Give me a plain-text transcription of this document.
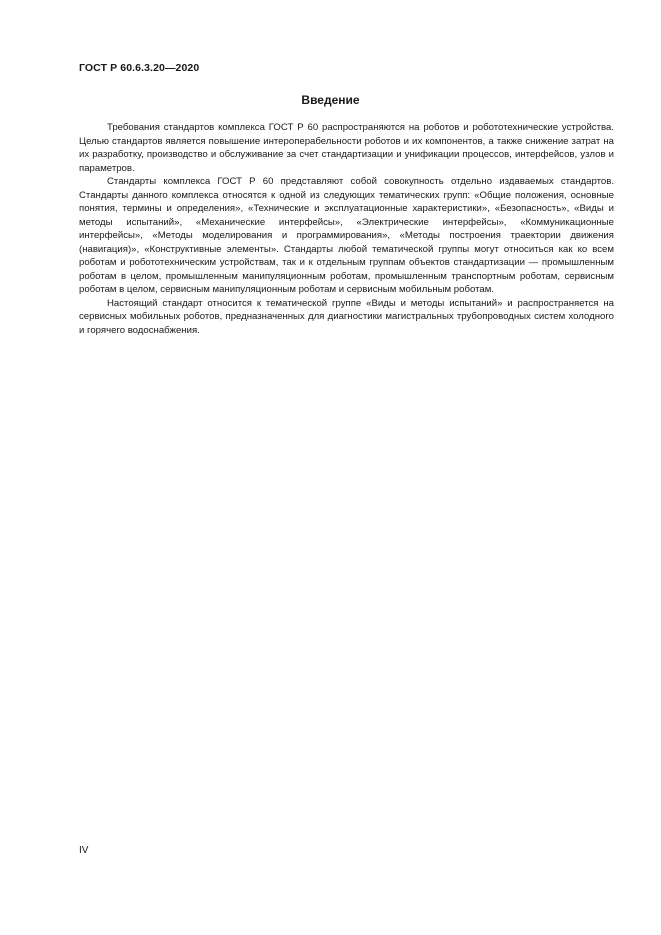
ГОСТ Р 60.6.3.20—2020
Введение

Требования стандартов комплекса ГОСТ Р 60 распространяются на роботов и робототехнические устройства. Целью стандартов является повышение интероперабельности роботов и их компонентов, а также снижение затрат на их разработку, производство и обслуживание за счет стандартизации и унификации процессов, интерфейсов, узлов и параметров.

Стандарты комплекса ГОСТ Р 60 представляют собой совокупность отдельно издаваемых стандартов. Стандарты данного комплекса относятся к одной из следующих тематических групп: «Общие положения, основные понятия, термины и определения», «Технические и эксплуатационные характеристики», «Безопасность», «Виды и методы испытаний», «Механические интерфейсы», «Электрические интерфейсы», «Коммуникационные интерфейсы», «Методы моделирования и программирования», «Методы построения траектории движения (навигация)», «Конструктивные элементы». Стандарты любой тематической группы могут относиться как ко всем роботам и робототехническим устройствам, так и к отдельным группам объектов стандартизации — промышленным роботам в целом, промышленным манипуляционным роботам, промышленным транспортным роботам, сервисным роботам в целом, сервисным манипуляционным роботам и сервисным мобильным роботам.

Настоящий стандарт относится к тематической группе «Виды и методы испытаний» и распространяется на сервисных мобильных роботов, предназначенных для диагностики магистральных трубопроводных систем холодного и горячего водоснабжения.

IV
